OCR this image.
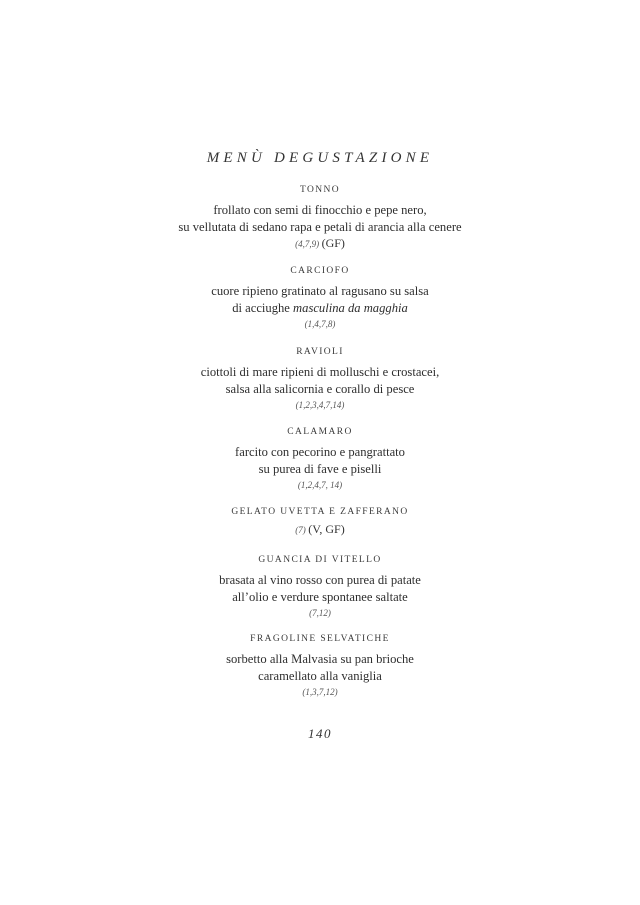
MENÙ DEGUSTAZIONE
TONNO
frollato con semi di finocchio e pepe nero,
su vellutata di sedano rapa e petali di arancia alla cenere
(4,7,9) (GF)
CARCIOFO
cuore ripieno gratinato al ragusano su salsa
di acciughe masculina da magghia
(1,4,7,8)
RAVIOLI
ciottoli di mare ripieni di molluschi e crostacei,
salsa alla salicornia e corallo di pesce
(1,2,3,4,7,14)
CALAMARO
farcito con pecorino e pangrattato
su purea di fave e piselli
(1,2,4,7, 14)
GELATO UVETTA E ZAFFERANO
(7) (V, GF)
GUANCIA DI VITELLO
brasata al vino rosso con purea di patate
all’olio e verdure spontanee saltate
(7,12)
FRAGOLINE SELVATICHE
sorbetto alla Malvasia su pan brioche
caramellato alla vaniglia
(1,3,7,12)
140
